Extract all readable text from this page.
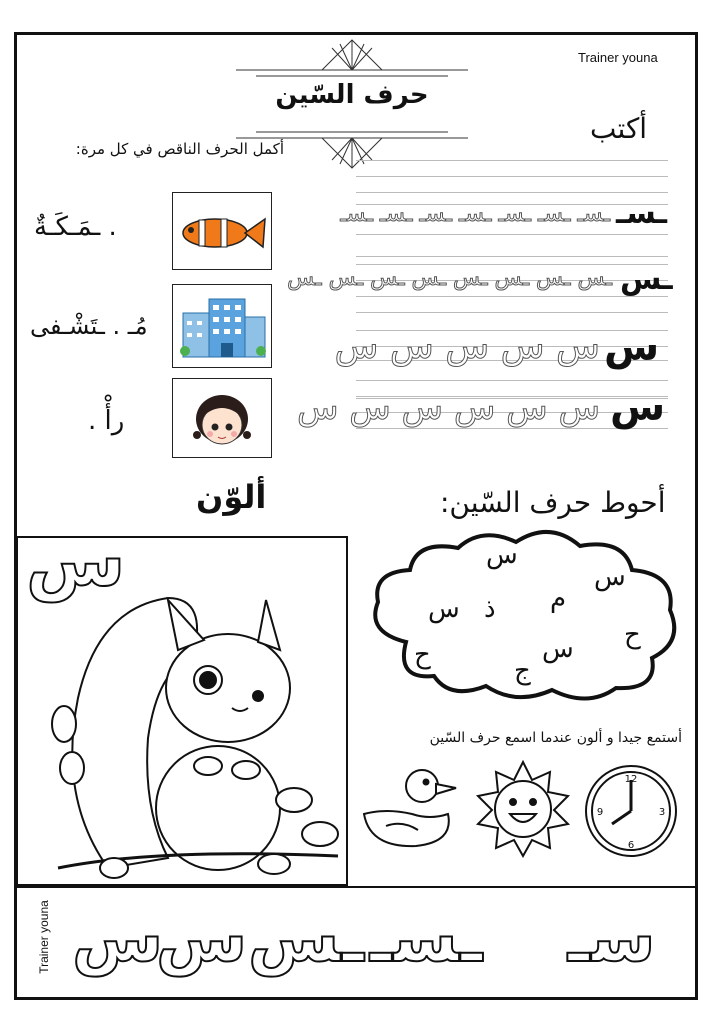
Trainer youna
حرف السّين
أكتب
أكمل الحرف الناقص في كل مرة:
ـسـ
ـسـ ـسـ ـسـ ـسـ ـسـ ـسـ ـسـ
ـس
ـس ـس ـس ـس ـس ـس ـس ـس
س
س س س س س
س
س س س س س س
. ـمَـكَـةٌ
مُـ . ـتَشْـفى
رأْ .
ألوّن	أحوط حرف السّين:
س	س
س
م
ذ
س
ح
س
ح
ج
أستمع جيدا و ألون عندما اسمع حرف السّين
12
3
6
9
Trainer youna س
س ـس ـسـ سـ
